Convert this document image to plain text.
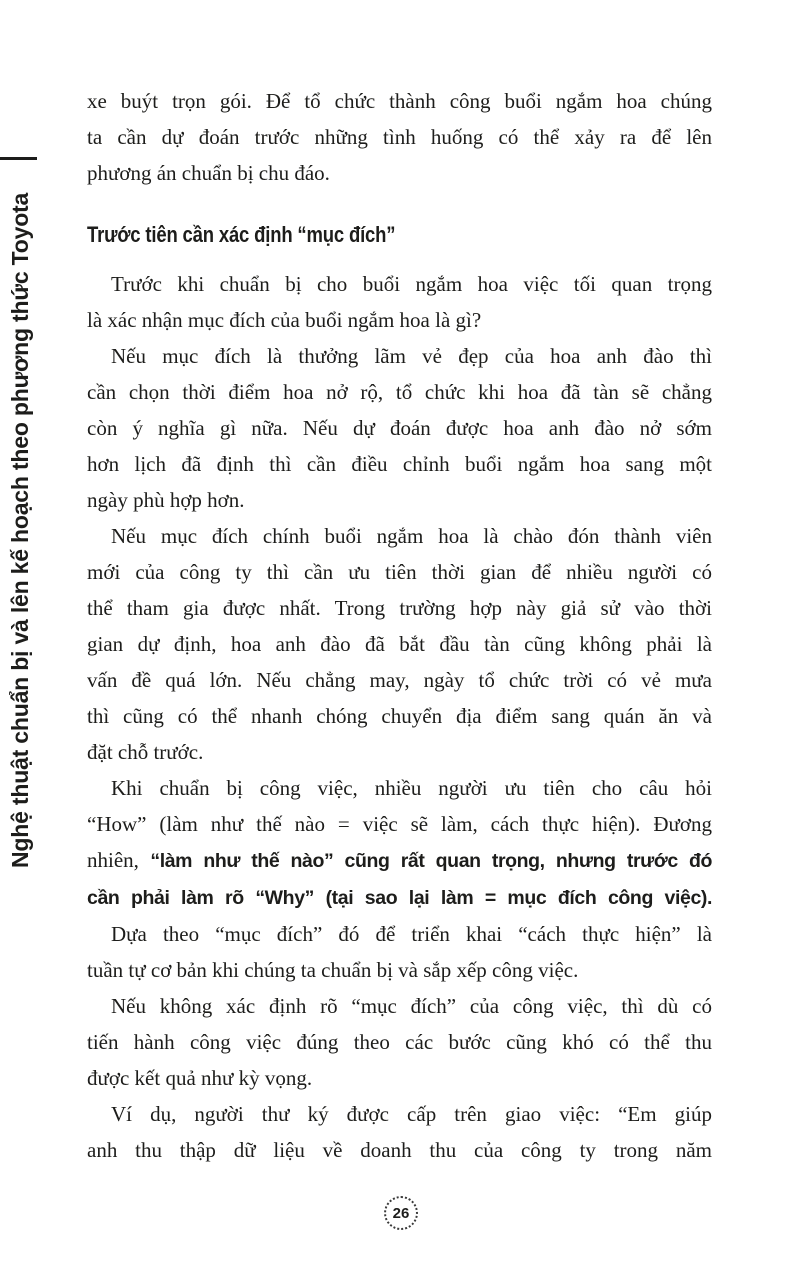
Nghệ thuật chuẩn bị và lên kế hoạch theo phương thức Toyota
xe buýt trọn gói. Để tổ chức thành công buổi ngắm hoa chúng
ta cần dự đoán trước những tình huống có thể xảy ra để lên
phương án chuẩn bị chu đáo.
Trước tiên cần xác định “mục đích”
Trước khi chuẩn bị cho buổi ngắm hoa việc tối quan trọng
là xác nhận mục đích của buổi ngắm hoa là gì?
Nếu mục đích là thưởng lãm vẻ đẹp của hoa anh đào thì
cần chọn thời điểm hoa nở rộ, tổ chức khi hoa đã tàn sẽ chẳng
còn ý nghĩa gì nữa. Nếu dự đoán được hoa anh đào nở sớm
hơn lịch đã định thì cần điều chỉnh buổi ngắm hoa sang một
ngày phù hợp hơn.
Nếu mục đích chính buổi ngắm hoa là chào đón thành viên
mới của công ty thì cần ưu tiên thời gian để nhiều người có
thể tham gia được nhất. Trong trường hợp này giả sử vào thời
gian dự định, hoa anh đào đã bắt đầu tàn cũng không phải là
vấn đề quá lớn. Nếu chẳng may, ngày tổ chức trời có vẻ mưa
thì cũng có thể nhanh chóng chuyển địa điểm sang quán ăn và
đặt chỗ trước.
Khi chuẩn bị công việc, nhiều người ưu tiên cho câu hỏi
“How” (làm như thế nào = việc sẽ làm, cách thực hiện). Đương
nhiên, “làm như thế nào” cũng rất quan trọng, nhưng trước đó
cần phải làm rõ “Why” (tại sao lại làm = mục đích công việc).
Dựa theo “mục đích” đó để triển khai “cách thực hiện” là
tuần tự cơ bản khi chúng ta chuẩn bị và sắp xếp công việc.
Nếu không xác định rõ “mục đích” của công việc, thì dù có
tiến hành công việc đúng theo các bước cũng khó có thể thu
được kết quả như kỳ vọng.
Ví dụ, người thư ký được cấp trên giao việc: “Em giúp
anh thu thập dữ liệu về doanh thu của công ty trong năm
26
